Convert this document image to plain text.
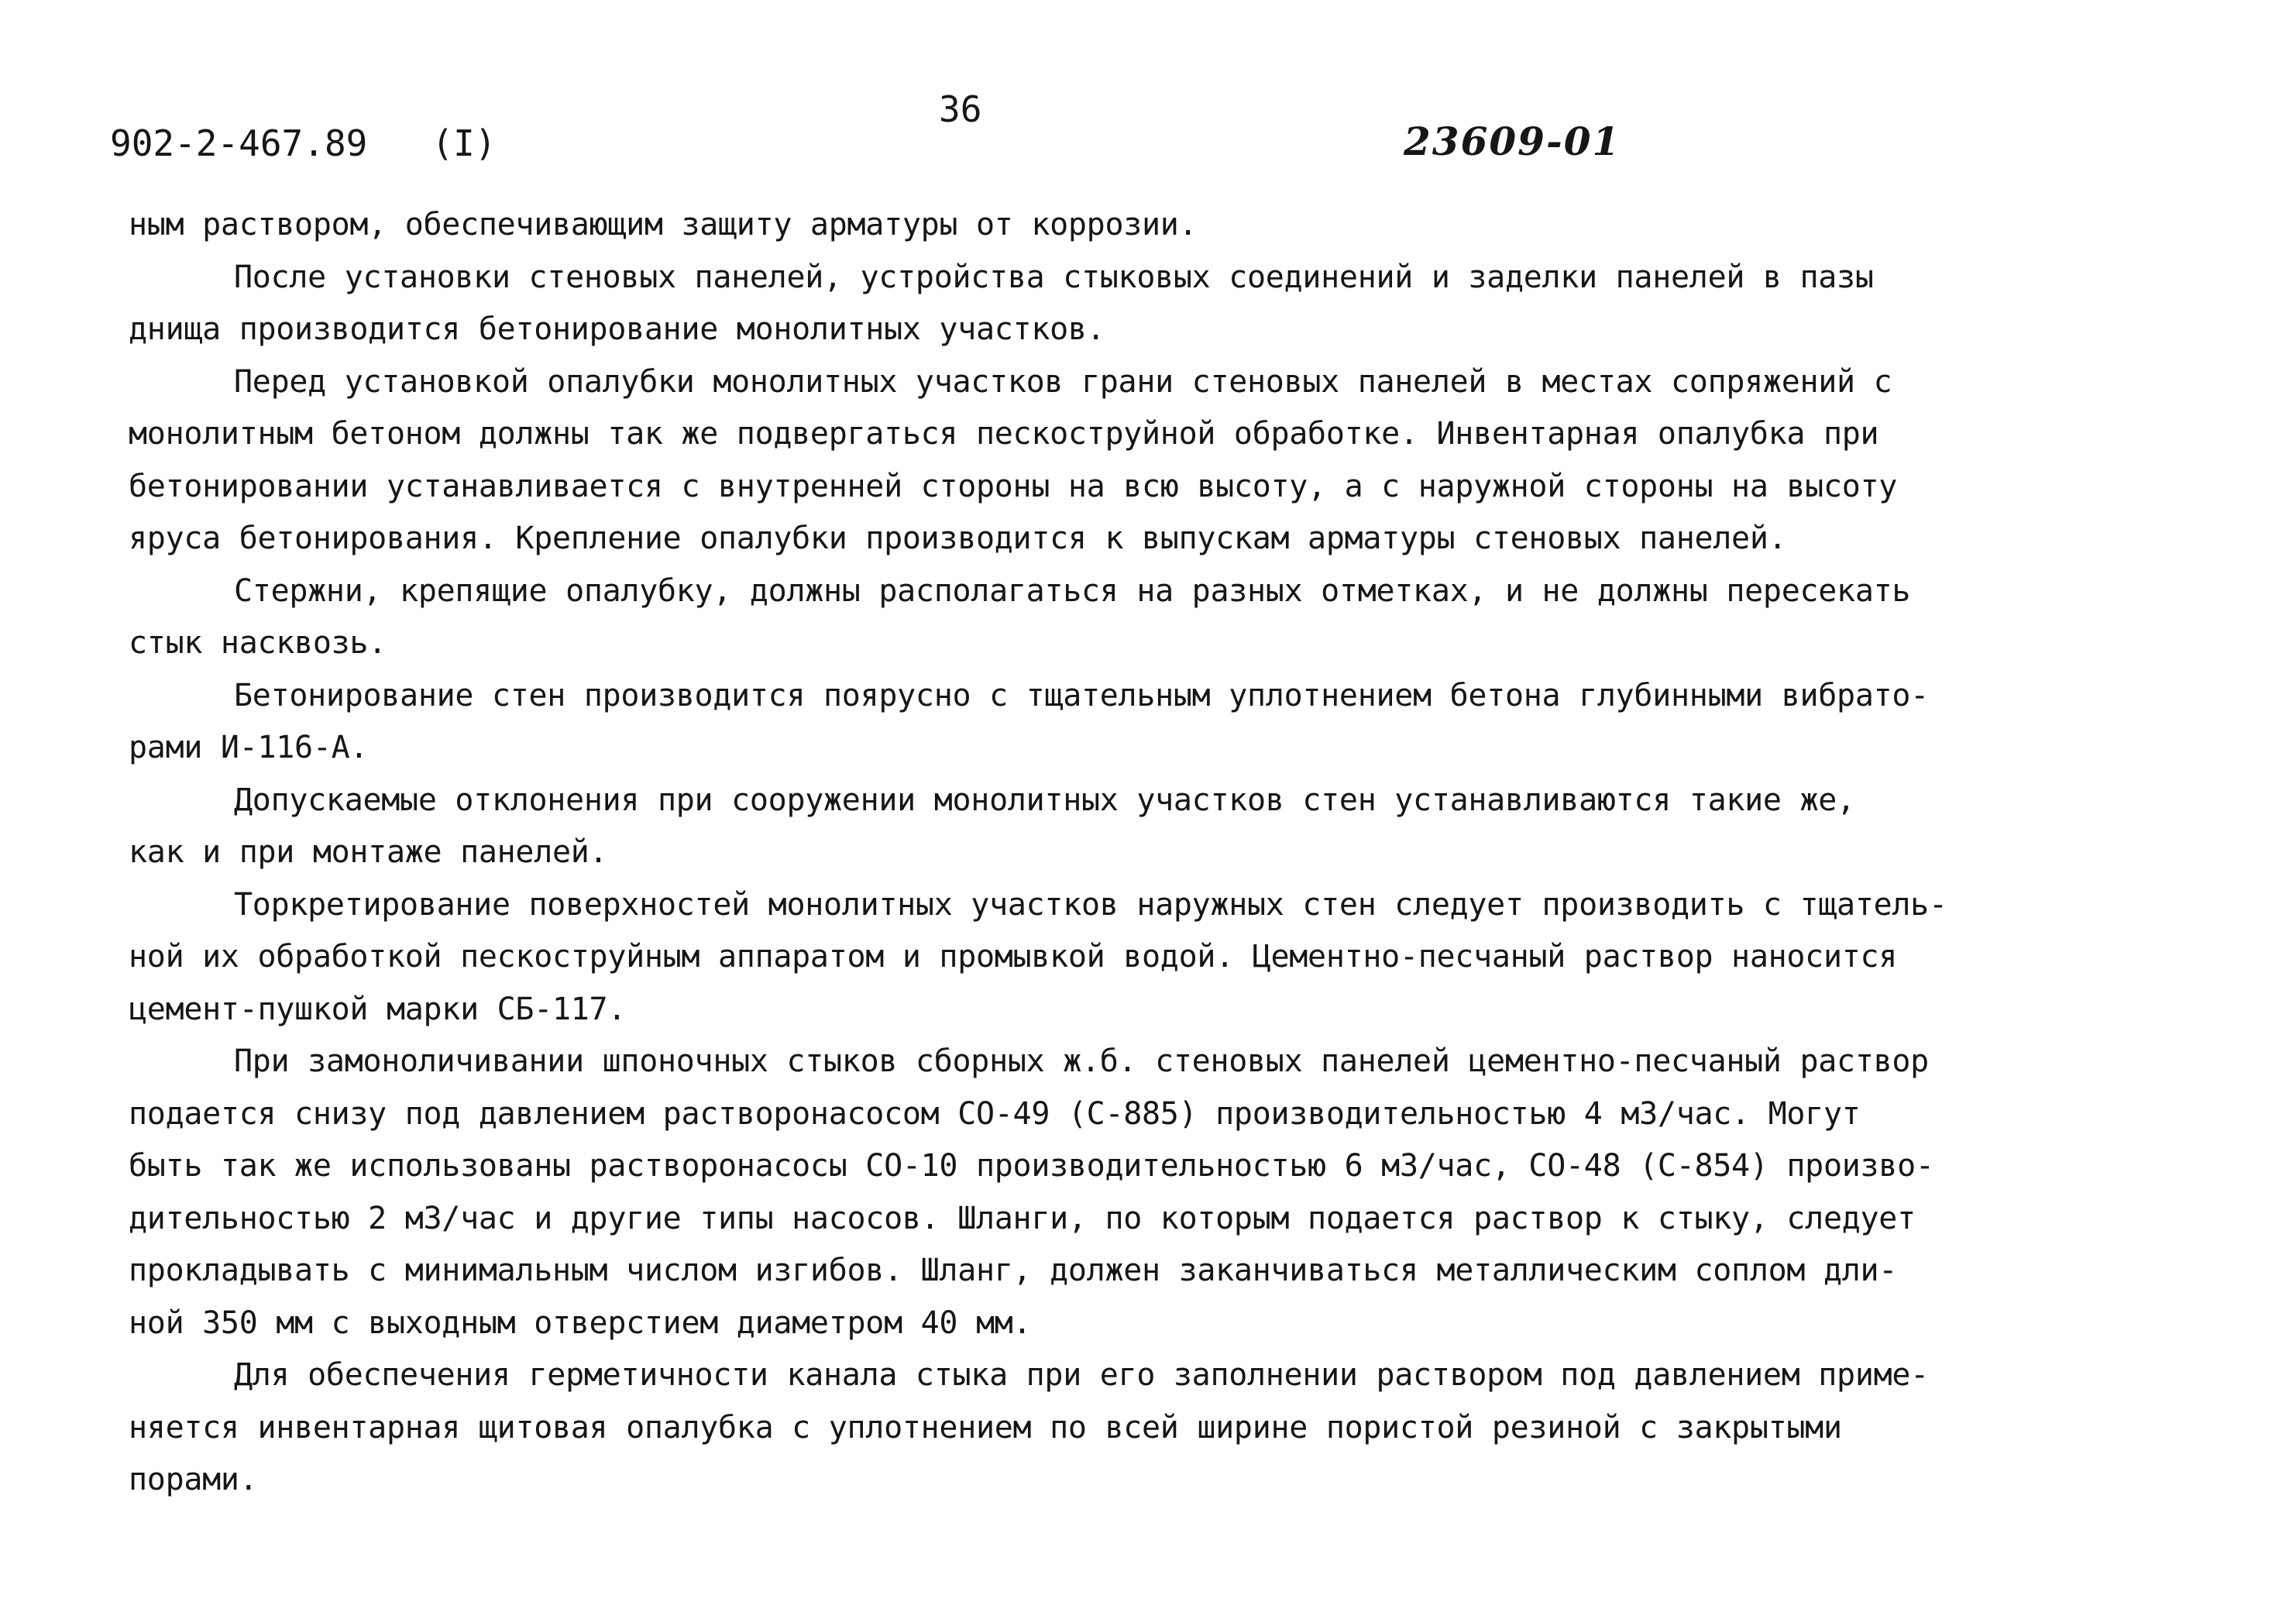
902-2-467.89 (I)
36
23609-01

ным раствором, обеспечивающим защиту арматуры от коррозии.

После установки стеновых панелей, устройства стыковых соединений и заделки панелей в пазы
днища производится бетонирование монолитных участков.

Перед установкой опалубки монолитных участков грани стеновых панелей в местах сопряжений с
монолитным бетоном должны так же подвергаться пескоструйной обработке. Инвентарная опалубка при
бетонировании устанавливается с внутренней стороны на всю высоту, а с наружной стороны на высоту
яруса бетонирования. Крепление опалубки производится к выпускам арматуры стеновых панелей.

Стержни, крепящие опалубку, должны располагаться на разных отметках, и не должны пересекать
стык насквозь.

Бетонирование стен производится поярусно с тщательным уплотнением бетона глубинными вибрато-
рами И-116-А.

Допускаемые отклонения при сооружении монолитных участков стен устанавливаются такие же,
как и при монтаже панелей.

Торкретирование поверхностей монолитных участков наружных стен следует производить с тщатель-
ной их обработкой пескоструйным аппаратом и промывкой водой. Цементно-песчаный раствор наносится
цемент-пушкой марки СБ-117.

При замоноличивании шпоночных стыков сборных ж.б. стеновых панелей цементно-песчаный раствор
подается снизу под давлением растворонасосом СО-49 (С-885) производительностью 4 м3/час. Могут
быть так же использованы растворонасосы СО-10 производительностью 6 м3/час, СО-48 (С-854) произво-
дительностью 2 м3/час и другие типы насосов. Шланги, по которым подается раствор к стыку, следует
прокладывать с минимальным числом изгибов. Шланг, должен заканчиваться металлическим соплом дли-
ной 350 мм с выходным отверстием диаметром 40 мм.

Для обеспечения герметичности канала стыка при его заполнении раствором под давлением приме-
няется инвентарная щитовая опалубка с уплотнением по всей ширине пористой резиной с закрытыми
порами.
